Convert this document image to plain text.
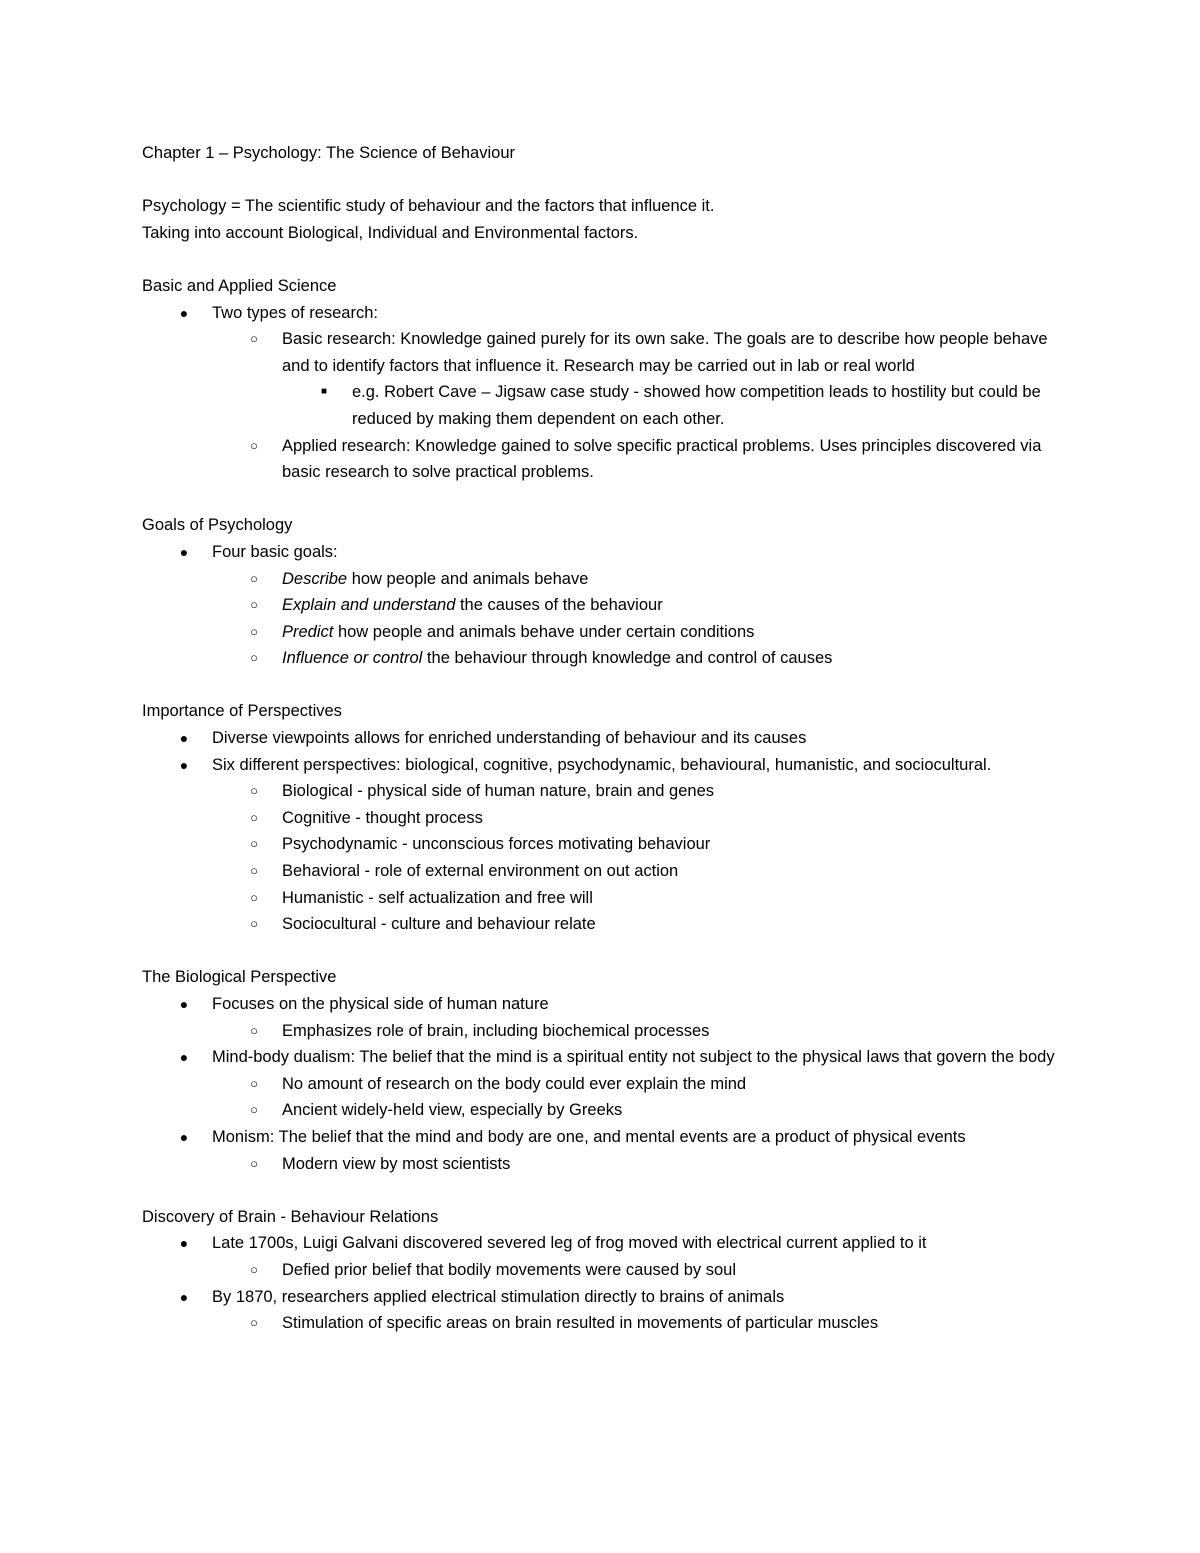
Chapter 1 – Psychology: The Science of Behaviour

Psychology = The scientific study of behaviour and the factors that influence it.

Taking into account Biological, Individual and Environmental factors.

Basic and Applied Science

●	Two types of research:
○	Basic research: Knowledge gained purely for its own sake. The goals are to describe how people behave and to identify factors that influence it. Research may be carried out in lab or real world
■	e.g. Robert Cave – Jigsaw case study - showed how competition leads to hostility but could be reduced by making them dependent on each other.
○	Applied research: Knowledge gained to solve specific practical problems. Uses principles discovered via basic research to solve practical problems.

Goals of Psychology

●	Four basic goals:
○	Describe how people and animals behave
○	Explain and understand the causes of the behaviour
○	Predict how people and animals behave under certain conditions
○	Influence or control the behaviour through knowledge and control of causes

Importance of Perspectives

●	Diverse viewpoints allows for enriched understanding of behaviour and its causes
●	Six different perspectives: biological, cognitive, psychodynamic, behavioural, humanistic, and sociocultural.
○	Biological - physical side of human nature, brain and genes
○	Cognitive - thought process
○	Psychodynamic - unconscious forces motivating behaviour
○	Behavioral - role of external environment on out action
○	Humanistic - self actualization and free will
○	Sociocultural - culture and behaviour relate

The Biological Perspective

●	Focuses on the physical side of human nature
○	Emphasizes role of brain, including biochemical processes
●	Mind-body dualism: The belief that the mind is a spiritual entity not subject to the physical laws that govern the body
○	No amount of research on the body could ever explain the mind
○	Ancient widely-held view, especially by Greeks
●	Monism: The belief that the mind and body are one, and mental events are a product of physical events
○	Modern view by most scientists

Discovery of Brain - Behaviour Relations

●	Late 1700s, Luigi Galvani discovered severed leg of frog moved with electrical current applied to it
○	Defied prior belief that bodily movements were caused by soul
●	By 1870, researchers applied electrical stimulation directly to brains of animals
○	Stimulation of specific areas on brain resulted in movements of particular muscles
